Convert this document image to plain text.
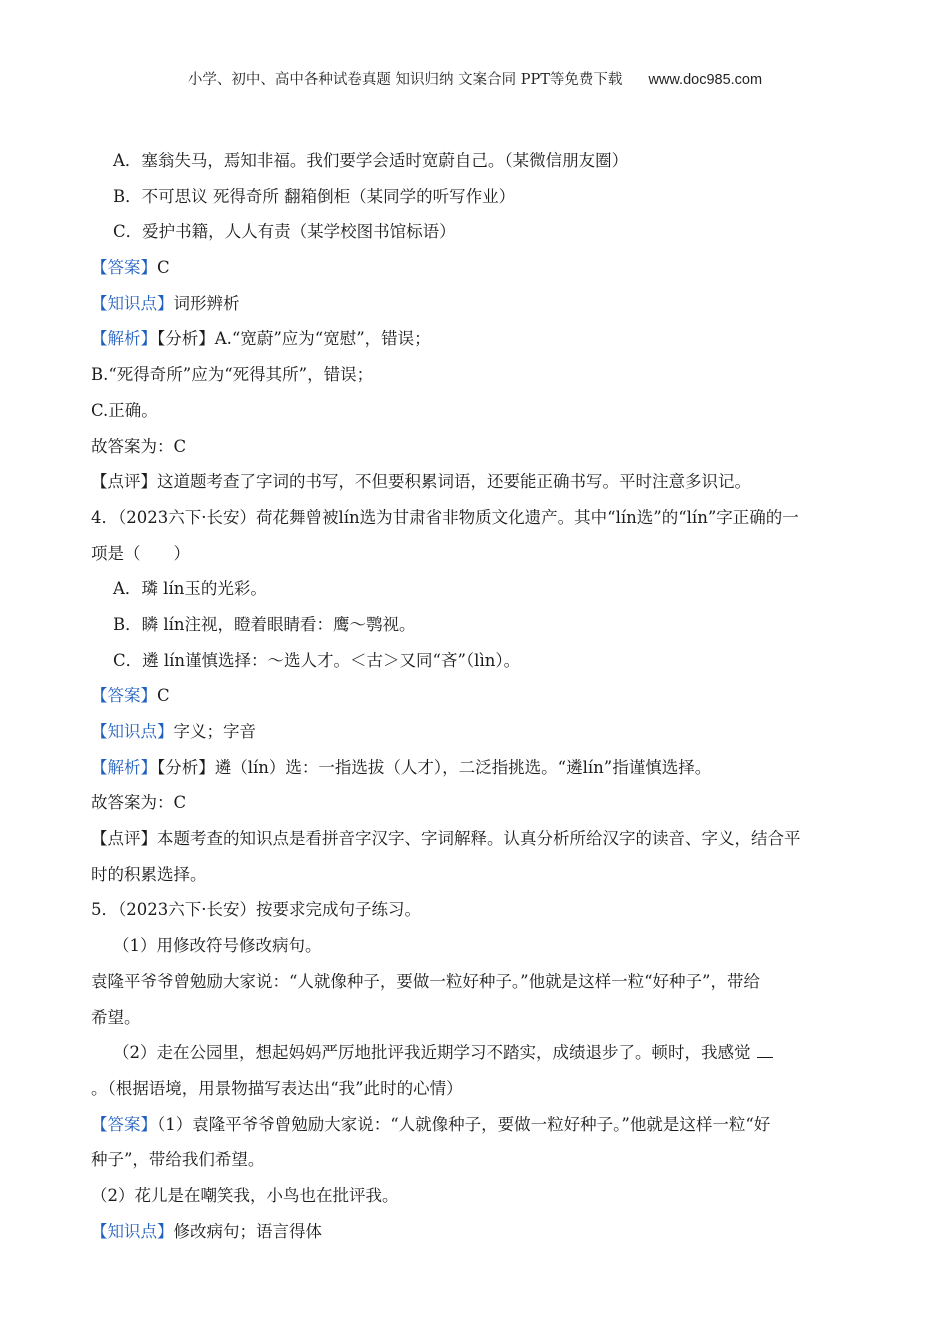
小学、初中、高中各种试卷真题 知识归纳 文案合同 PPT等免费下载 www.doc985.com
A．塞翁失马，焉知非福。我们要学会适时宽蔚自己。（某微信朋友圈）
B．不可思议 死得奇所 翻箱倒柜（某同学的听写作业）
C．爱护书籍，人人有责（某学校图书馆标语）
【答案】C
【知识点】词形辨析
【解析】【分析】A.“宽蔚”应为“宽慰”，错误；
B.“死得奇所”应为“死得其所”，错误；
C.正确。
故答案为：C
【点评】这道题考查了字词的书写，不但要积累词语，还要能正确书写。平时注意多识记。
4．（2023六下·长安）荷花舞曾被lín选为甘肃省非物质文化遗产。其中“lín选”的“lín”字正确的一
项是（　　）
A．璘 lín玉的光彩。
B．瞵 lín注视，瞪着眼睛看：鹰～鹗视。
C．遴 lín谨慎选择：～选人才。＜古＞又同“吝”（lìn）。
【答案】C
【知识点】字义；字音
【解析】【分析】遴（lín）选：一指选拔（人才），二泛指挑选。“遴lín”指谨慎选择。
故答案为：C
【点评】本题考查的知识点是看拼音字汉字、字词解释。认真分析所给汉字的读音、字义，结合平
时的积累选择。
5．（2023六下·长安）按要求完成句子练习。
（1）用修改符号修改病句。
袁隆平爷爷曾勉励大家说：“人就像种子，要做一粒好种子。”他就是这样一粒“好种子”，带给
希望。
（2）走在公园里，想起妈妈严厉地批评我近期学习不踏实，成绩退步了。顿时，我感觉
。（根据语境，用景物描写表达出“我”此时的心情）
【答案】（1）袁隆平爷爷曾勉励大家说：“人就像种子，要做一粒好种子。”他就是这样一粒“好
种子”，带给我们希望。
（2）花儿是在嘲笑我，小鸟也在批评我。
【知识点】修改病句；语言得体
